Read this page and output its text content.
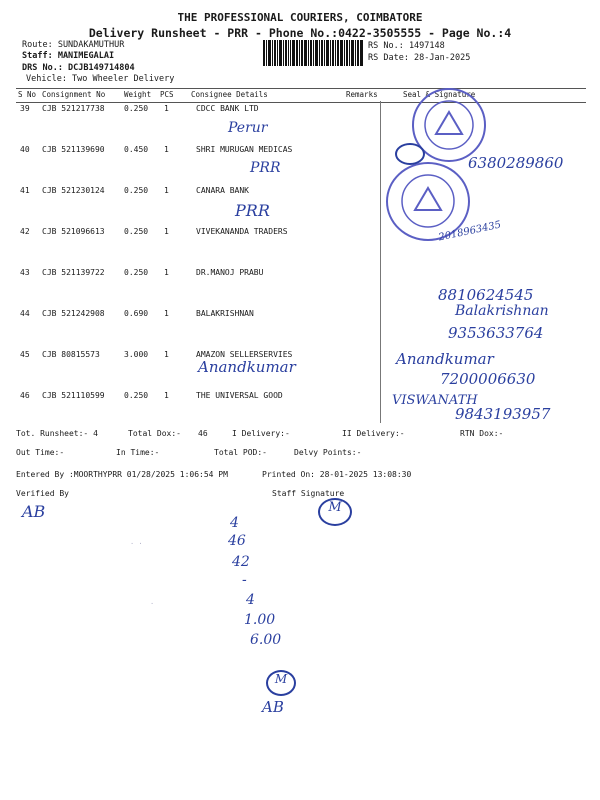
THE PROFESSIONAL COURIERS, COIMBATORE
Delivery Runsheet - PRR - Phone No.:0422-3505555 - Page No.:4
Route: SUNDAKAMUTHUR
Staff: MANIMEGALAI
DRS No.: DCJB149714804
Vehicle: Two Wheeler Delivery
RS No.: 1497148
RS Date: 28-Jan-2025
S No Consignment No	Weight PCS Consignee Details	Remarks	Seal & Signature
39 CJB 521217738 0.250 1	CDCC BANK LTD
40 CJB 521139690 0.450 1	SHRI MURUGAN MEDICAS
41 CJB 521230124 0.250 1	CANARA BANK
42 CJB 521096613 0.250 1	VIVEKANANDA TRADERS
43 CJB 521139722 0.250 1	DR.MANOJ PRABU
44 CJB 521242908 0.690 1	BALAKRISHNAN
45 CJB 80815573	3.000 1	AMAZON SELLERSERVIES
46 CJB 521110599 0.250 1	THE UNIVERSAL GOOD
Perur
PRR
PRR
Anandkumar
6380289860
2018963435
8810624545
Balakrishnan
9353633764
Anandkumar
7200006630
VISWANATH
9843193957
Tot. Runsheet:- 4	Total Dox:- 46	I Delivery:-	II Delivery:-	RTN Dox:-
Out Time:-	In Time:-	Total POD:-	Delvy Points:-
Entered By :MOORTHYPRR 01/28/2025 1:06:54 PM	Printed On: 28-01-2025 13:08:30
Verified By	Staff Signature
AB	M
4
46
42
-
4
1.00
6.00
M
AB
· ·
·
